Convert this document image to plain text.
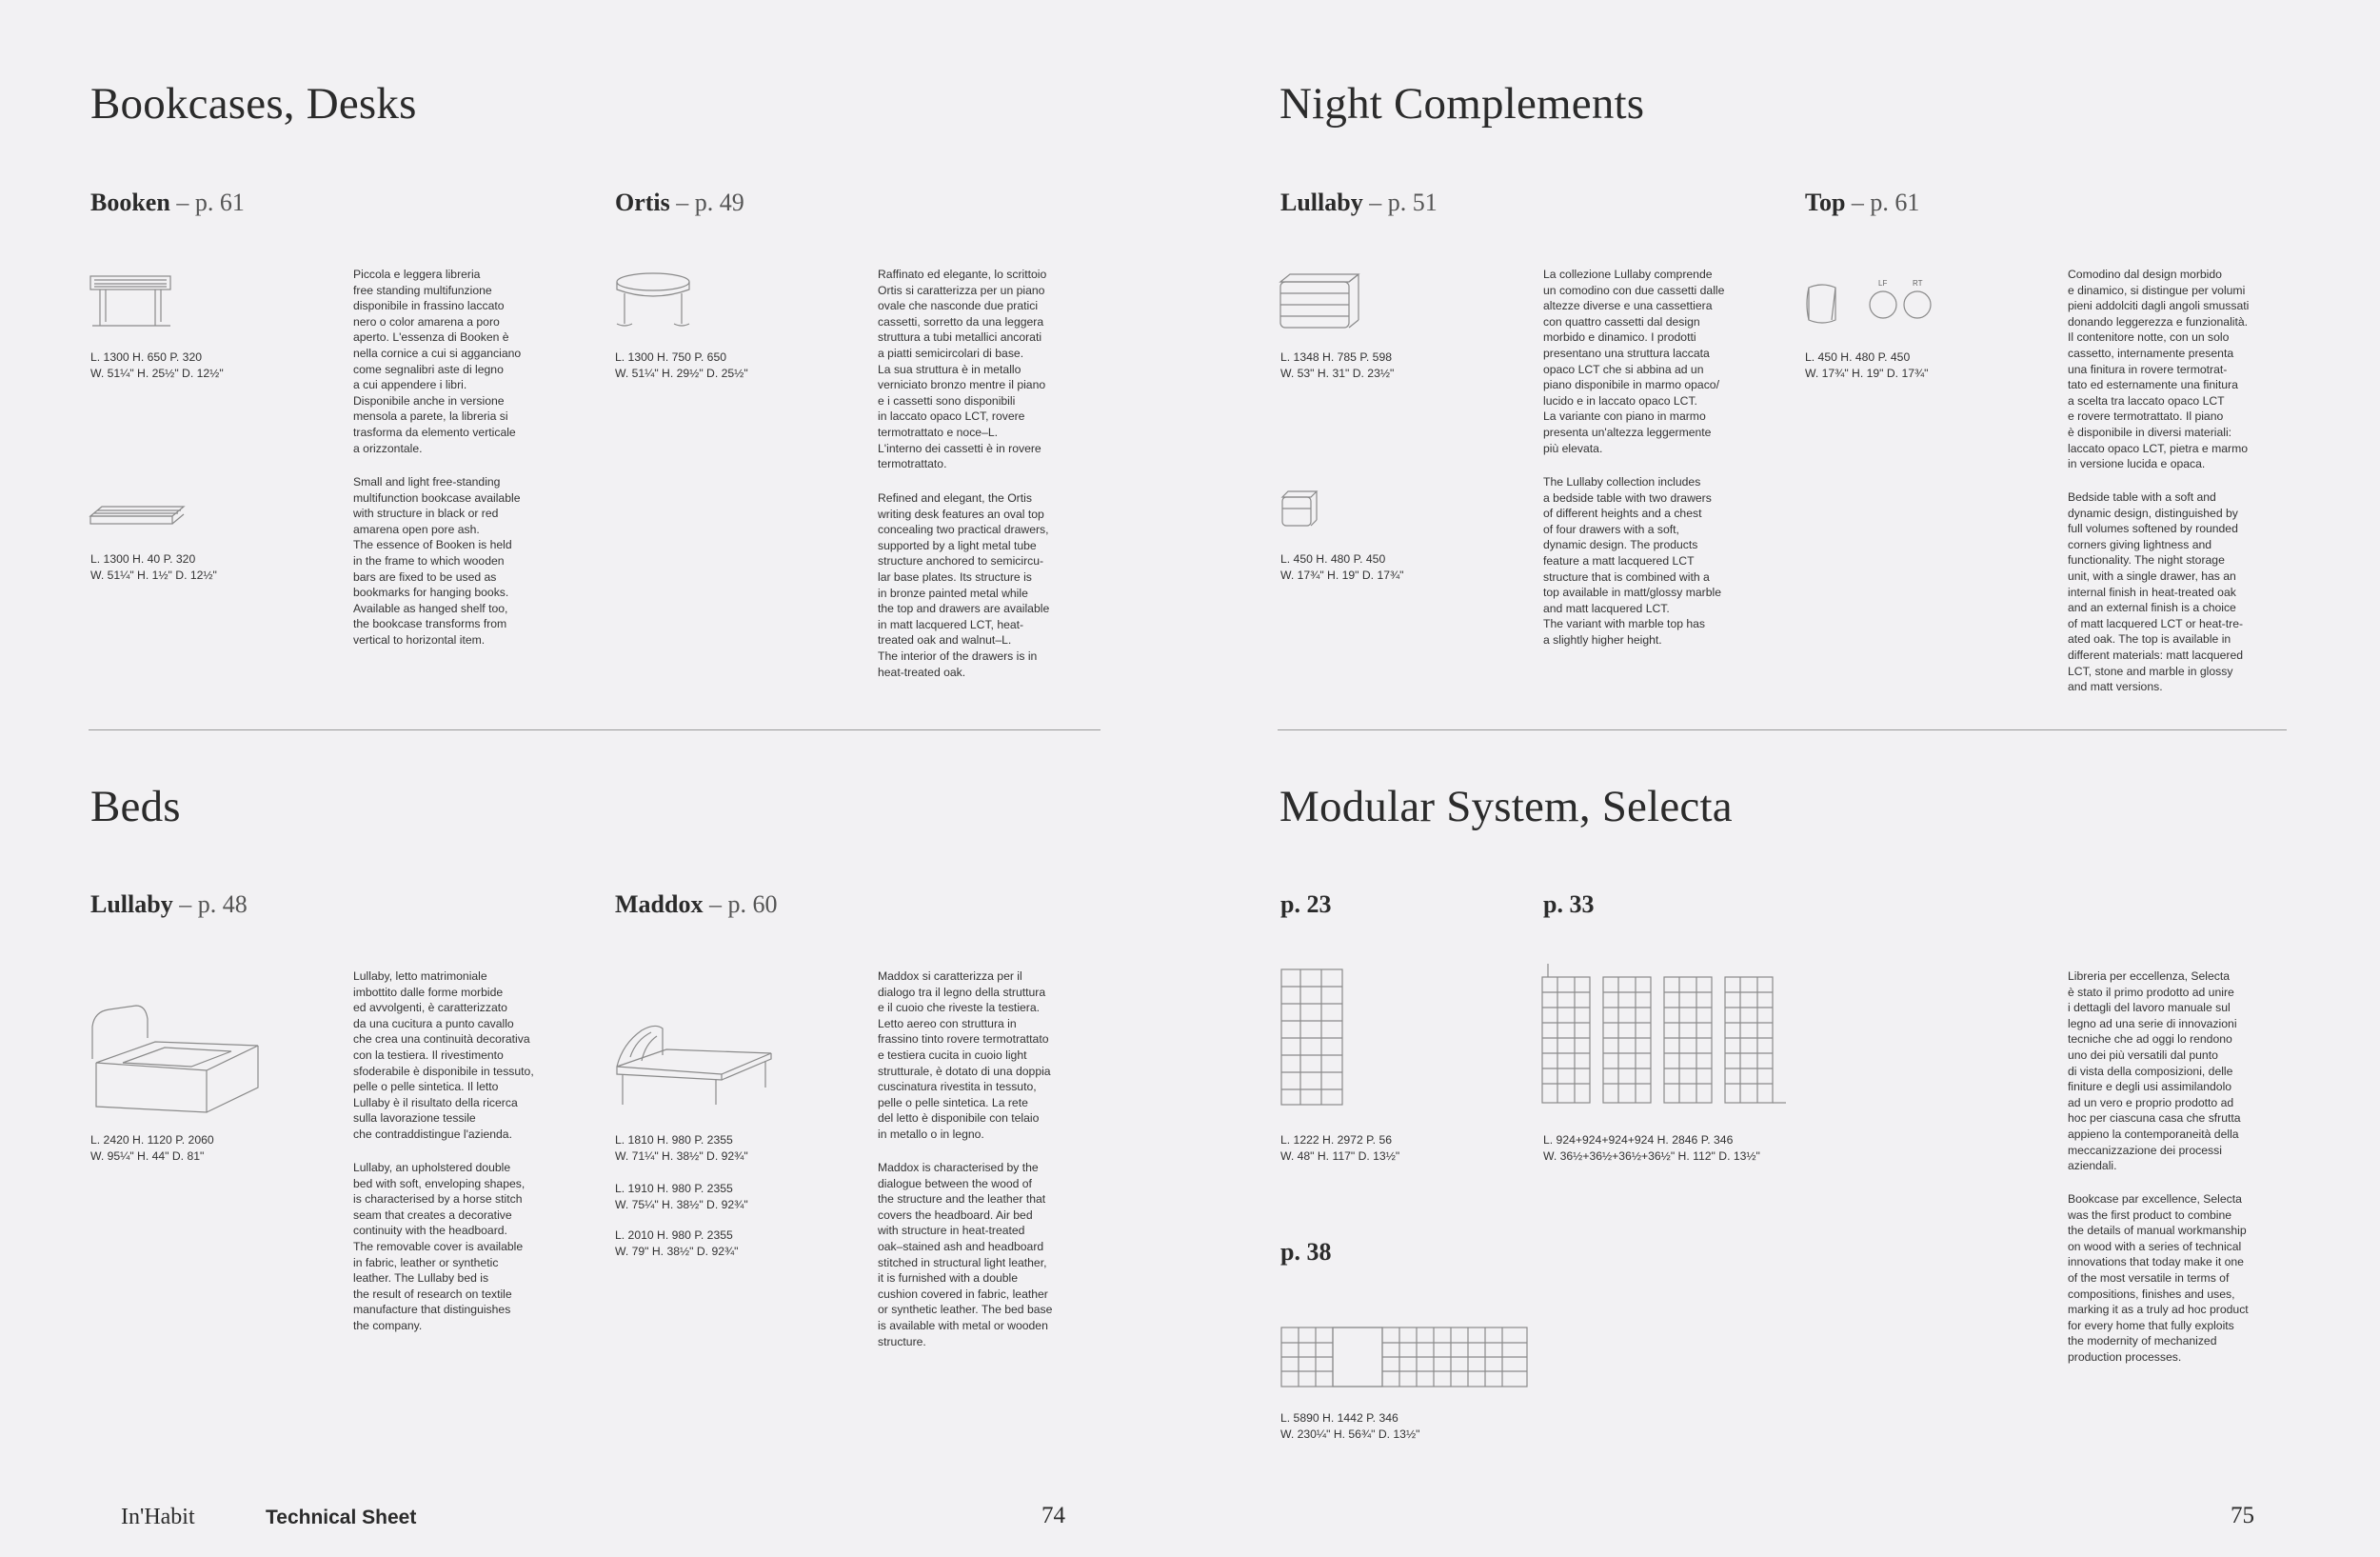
Bookcases, Desks
Booken – p. 61
L. 1300 H. 650 P. 320
W. 51¼" H. 25½" D. 12½"
L. 1300 H. 40 P. 320
W. 51¼" H. 1½" D. 12½"
Piccola e leggera libreria
free standing multifunzione
disponibile in frassino laccato
nero o color amarena a poro
aperto. L'essenza di Booken è
nella cornice a cui si agganciano
come segnalibri aste di legno
a cui appendere i libri.
Disponibile anche in versione
mensola a parete, la libreria si
trasforma da elemento verticale
a orizzontale.
Small and light free-standing
multifunction bookcase available
with structure in black or red
amarena open pore ash.
The essence of Booken is held
in the frame to which wooden
bars are fixed to be used as
bookmarks for hanging books.
Available as hanged shelf too,
the bookcase transforms from
vertical to horizontal item.
Ortis – p. 49
L. 1300 H. 750 P. 650
W. 51¼" H. 29½" D. 25½"
Raffinato ed elegante, lo scrittoio
Ortis si caratterizza per un piano
ovale che nasconde due pratici
cassetti, sorretto da una leggera
struttura a tubi metallici ancorati
a piatti semicircolari di base.
La sua struttura è in metallo
verniciato bronzo mentre il piano
e i cassetti sono disponibili
in laccato opaco LCT, rovere
termotrattato e noce–L.
L'interno dei cassetti è in rovere
termotrattato.
Refined and elegant, the Ortis
writing desk features an oval top
concealing two practical drawers,
supported by a light metal tube
structure anchored to semicircu-
lar base plates. Its structure is
in bronze painted metal while
the top and drawers are available
in matt lacquered LCT, heat-
treated oak and walnut–L.
The interior of the drawers is in
heat-treated oak.
Night Complements
Lullaby – p. 51
L. 1348 H. 785 P. 598
W. 53" H. 31" D. 23½"
L. 450 H. 480 P. 450
W. 17¾" H. 19" D. 17¾"
La collezione Lullaby comprende
un comodino con due cassetti dalle
altezze diverse e una cassettiera
con quattro cassetti dal design
morbido e dinamico. I prodotti
presentano una struttura laccata
opaco LCT che si abbina ad un
piano disponibile in marmo opaco/
lucido e in laccato opaco LCT.
La variante con piano in marmo
presenta un'altezza leggermente
più elevata.
The Lullaby collection includes
a bedside table with two drawers
of different heights and a chest
of four drawers with a soft,
dynamic design. The products
feature a matt lacquered LCT
structure that is combined with a
top available in matt/glossy marble
and matt lacquered LCT.
The variant with marble top has
a slightly higher height.
Top – p. 61
LF	RT
L. 450 H. 480 P. 450
W. 17¾" H. 19" D. 17¾"
Comodino dal design morbido
e dinamico, si distingue per volumi
pieni addolciti dagli angoli smussati
donando leggerezza e funzionalità.
Il contenitore notte, con un solo
cassetto, internamente presenta
una finitura in rovere termotrat-
tato ed esternamente una finitura
a scelta tra laccato opaco LCT
e rovere termotrattato. Il piano
è disponibile in diversi materiali:
laccato opaco LCT, pietra e marmo
in versione lucida e opaca.
Bedside table with a soft and
dynamic design, distinguished by
full volumes softened by rounded
corners giving lightness and
functionality. The night storage
unit, with a single drawer, has an
internal finish in heat-treated oak
and an external finish is a choice
of matt lacquered LCT or heat-tre-
ated oak. The top is available in
different materials: matt lacquered
LCT, stone and marble in glossy
and matt versions.
Beds
Lullaby – p. 48
L. 2420 H. 1120 P. 2060
W. 95¼" H. 44" D. 81"
Lullaby, letto matrimoniale
imbottito dalle forme morbide
ed avvolgenti, è caratterizzato
da una cucitura a punto cavallo
che crea una continuità decorativa
con la testiera. Il rivestimento
sfoderabile è disponibile in tessuto,
pelle o pelle sintetica. Il letto
Lullaby è il risultato della ricerca
sulla lavorazione tessile
che contraddistingue l'azienda.
Lullaby, an upholstered double
bed with soft, enveloping shapes,
is characterised by a horse stitch
seam that creates a decorative
continuity with the headboard.
The removable cover is available
in fabric, leather or synthetic
leather. The Lullaby bed is
the result of research on textile
manufacture that distinguishes
the company.
Maddox – p. 60
L. 1810 H. 980 P. 2355
W. 71¼" H. 38½" D. 92¾"
L. 1910 H. 980 P. 2355
W. 75¼" H. 38½" D. 92¾"
L. 2010 H. 980 P. 2355
W. 79" H. 38½" D. 92¾"
Maddox si caratterizza per il
dialogo tra il legno della struttura
e il cuoio che riveste la testiera.
Letto aereo con struttura in
frassino tinto rovere termotrattato
e testiera cucita in cuoio light
strutturale, è dotato di una doppia
cuscinatura rivestita in tessuto,
pelle o pelle sintetica. La rete
del letto è disponibile con telaio
in metallo o in legno.
Maddox is characterised by the
dialogue between the wood of
the structure and the leather that
covers the headboard. Air bed
with structure in heat-treated
oak–stained ash and headboard
stitched in structural light leather,
it is furnished with a double
cushion covered in fabric, leather
or synthetic leather. The bed base
is available with metal or wooden
structure.
Modular System, Selecta
p. 23
L. 1222 H. 2972 P. 56
W. 48" H. 117" D. 13½"
p. 33
L. 924+924+924+924 H. 2846 P. 346
W. 36½+36½+36½+36½" H. 112" D. 13½"
p. 38
L. 5890 H. 1442 P. 346
W. 230¼" H. 56¾" D. 13½"
Libreria per eccellenza, Selecta
è stato il primo prodotto ad unire
i dettagli del lavoro manuale sul
legno ad una serie di innovazioni
tecniche che ad oggi lo rendono
uno dei più versatili dal punto
di vista della composizioni, delle
finiture e degli usi assimilandolo
ad un vero e proprio prodotto ad
hoc per ciascuna casa che sfrutta
appieno la contemporaneità della
meccanizzazione dei processi
aziendali.
Bookcase par excellence, Selecta
was the first product to combine
the details of manual workmanship
on wood with a series of technical
innovations that today make it one
of the most versatile in terms of
compositions, finishes and uses,
marking it as a truly ad hoc product
for every home that fully exploits
the modernity of mechanized
production processes.
In'Habit	Technical Sheet	74	75
